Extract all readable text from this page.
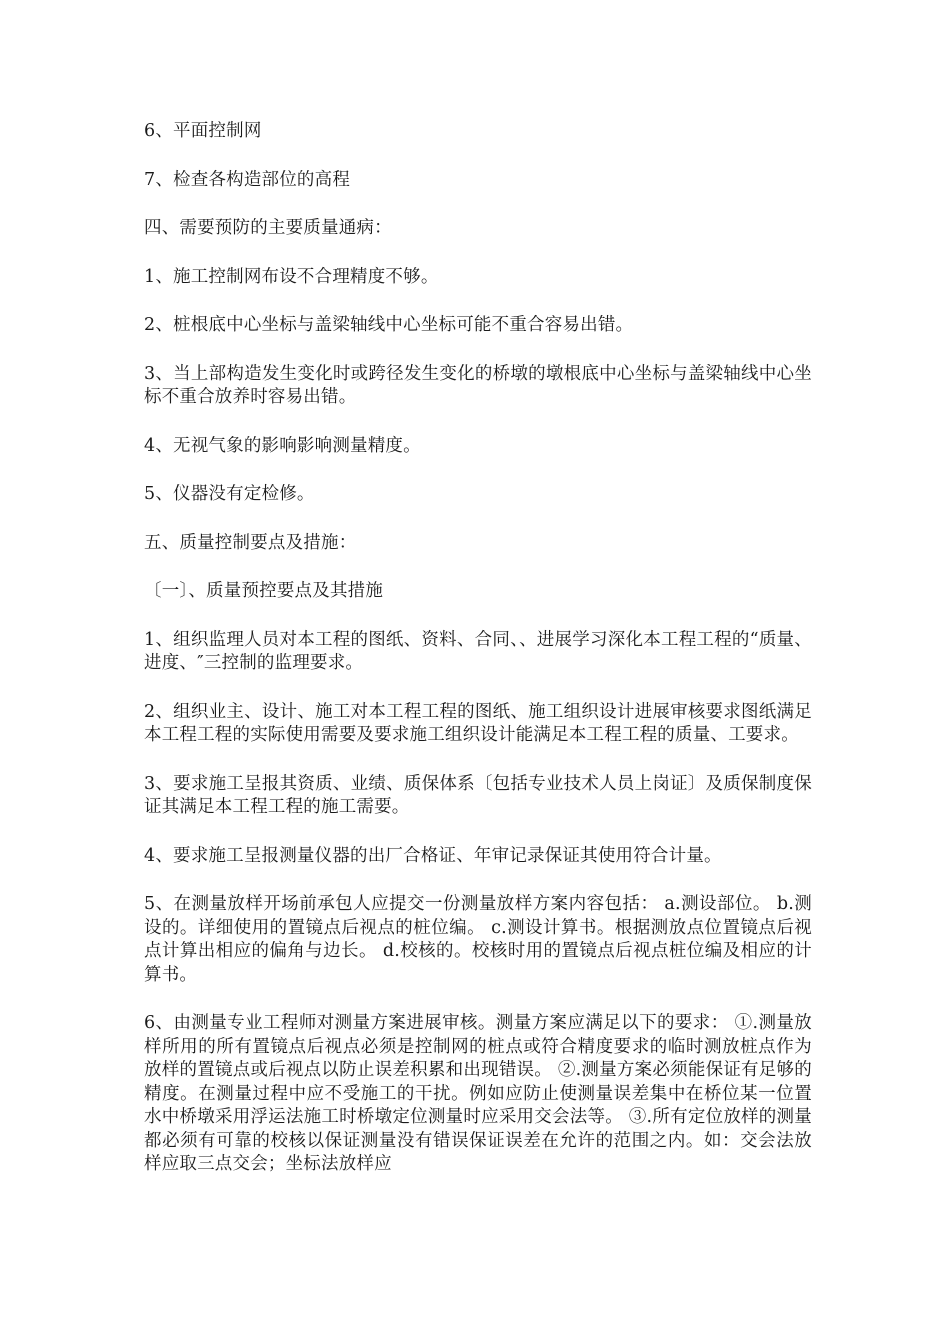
6、平面控制网

7、检查各构造部位的高程

四、需要预防的主要质量通病：

1、施工控制网布设不合理精度不够。

2、桩根底中心坐标与盖梁轴线中心坐标可能不重合容易出错。

3、当上部构造发生变化时或跨径发生变化的桥墩的墩根底中心坐标与盖梁轴线中心坐标不重合放养时容易出错。

4、无视气象的影响影响测量精度。

5、仪器没有定检修。

五、质量控制要点及措施：

〔一〕、质量预控要点及其措施

1、组织监理人员对本工程的图纸、资料、合同、、进展学习深化本工程工程的“质量、进度、″三控制的监理要求。

2、组织业主、设计、施工对本工程工程的图纸、施工组织设计进展审核要求图纸满足本工程工程的实际使用需要及要求施工组织设计能满足本工程工程的质量、工要求。

3、要求施工呈报其资质、业绩、质保体系〔包括专业技术人员上岗证〕及质保制度保证其满足本工程工程的施工需要。

4、要求施工呈报测量仪器的出厂合格证、年审记录保证其使用符合计量。

5、在测量放样开场前承包人应提交一份测量放样方案内容包括： a.测设部位。 b.测设的。详细使用的置镜点后视点的桩位编。 c.测设计算书。根据测放点位置镜点后视点计算出相应的偏角与边长。 d.校核的。校核时用的置镜点后视点桩位编及相应的计算书。

6、由测量专业工程师对测量方案进展审核。测量方案应满足以下的要求： ①.测量放样所用的所有置镜点后视点必须是控制网的桩点或符合精度要求的临时测放桩点作为放样的置镜点或后视点以防止误差积累和出现错误。 ②.测量方案必须能保证有足够的精度。在测量过程中应不受施工的干扰。例如应防止使测量误差集中在桥位某一位置水中桥墩采用浮运法施工时桥墩定位测量时应采用交会法等。 ③.所有定位放样的测量都必须有可靠的校核以保证测量没有错误保证误差在允许的范围之内。如：交会法放样应取三点交会；坐标法放样应
